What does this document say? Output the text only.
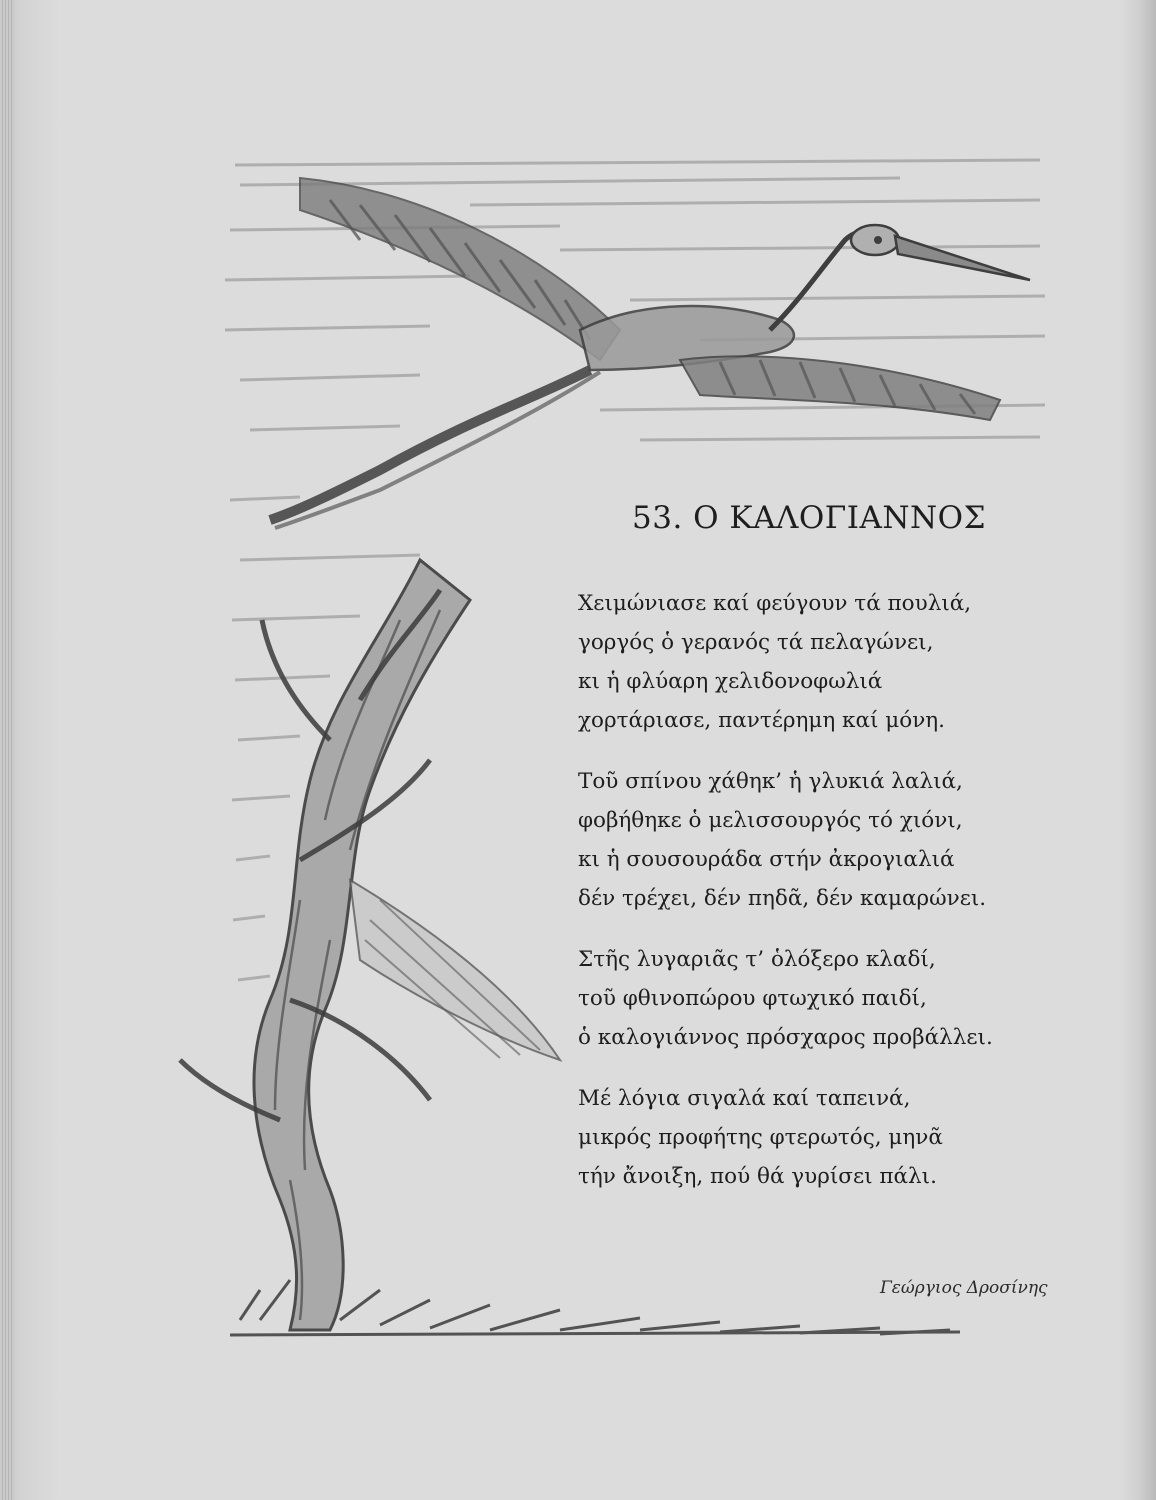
53. Ο ΚΑΛΟΓΙΑΝΝΟΣ
Χειμώνιασε καί φεύγουν τά πουλιά,
γοργός ὁ γερανός τά πελαγώνει,
κι ἡ φλύαρη χελιδονοφωλιά
χορτάριασε, παντέρημη καί μόνη.
Τοῦ σπίνου χάθηκ’ ἡ γλυκιά λαλιά,
φοβήθηκε ὁ μελισσουργός τό χιόνι,
κι ἡ σουσουράδα στήν ἀκρογιαλιά
δέν τρέχει, δέν πηδᾶ, δέν καμαρώνει.
Στῆς λυγαριᾶς τ’ ὁλόξερο κλαδί,
τοῦ φθινοπώρου φτωχικό παιδί,
ὁ καλογιάννος πρόσχαρος προβάλλει.
Μέ λόγια σιγαλά καί ταπεινά,
μικρός προφήτης φτερωτός, μηνᾶ
τήν ἄνοιξη, πού θά γυρίσει πάλι.
Γεώργιος Δροσίνης
